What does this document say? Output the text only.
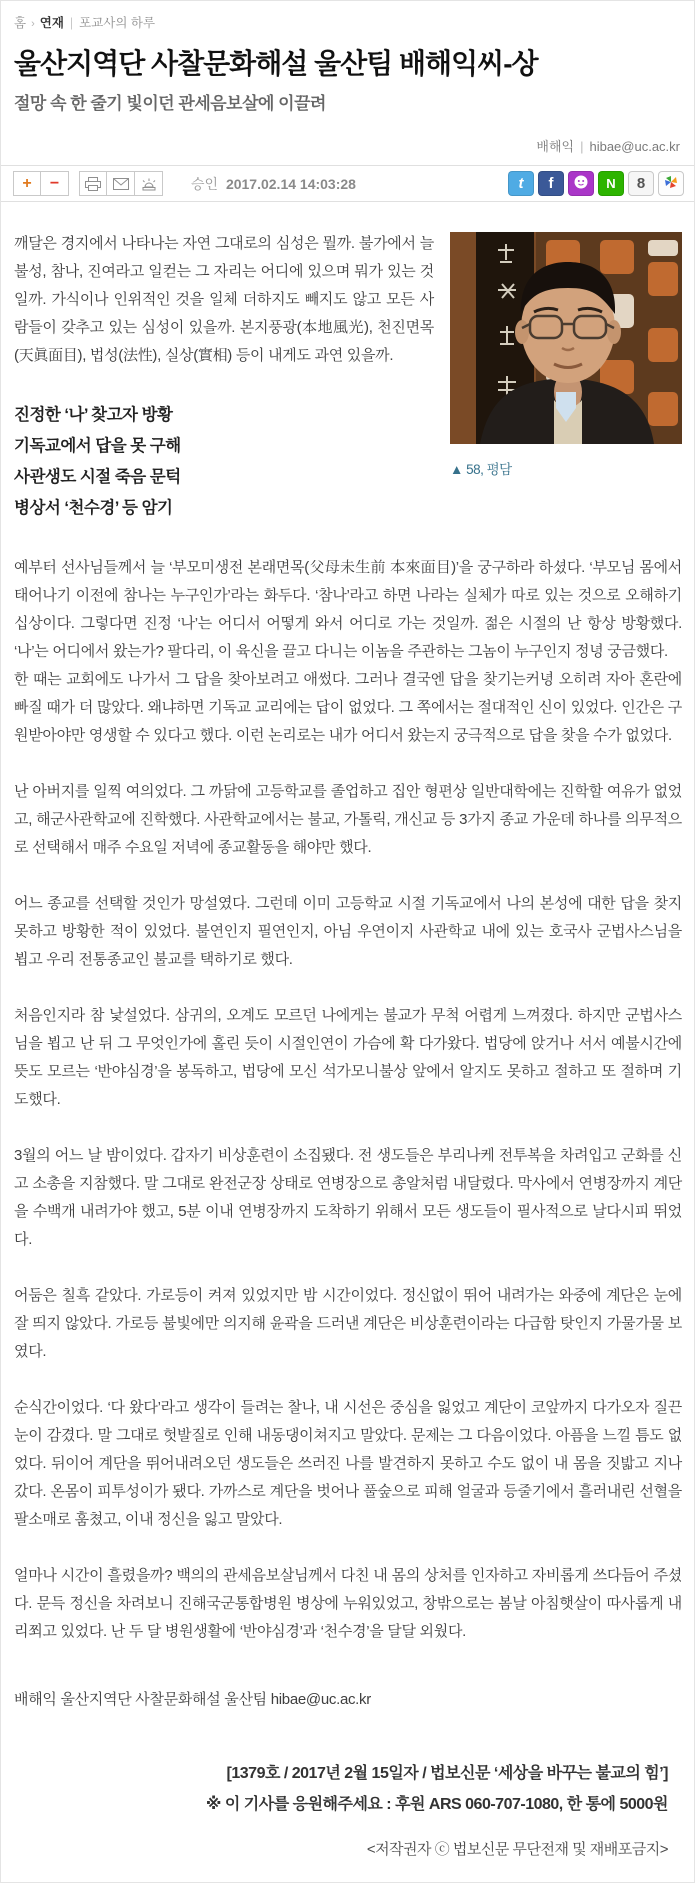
홈 › 연재 | 포교사의 하루
울산지역단 사찰문화해설 울산팀 배해익씨-상
절망 속 한 줄기 빛이던 관세음보살에 이끌려
배해익 | hibae@uc.ac.kr
+	−	승인 2017.02.14 14:03:28	t	f	N	8
▲ 58, 평담

깨달은 경지에서 나타나는 자연 그대로의 심성은 뭘까. 불가에서 늘 불성, 참나, 진여라고 일컫는 그 자리는 어디에 있으며 뭐가 있는 것일까. 가식이나 인위적인 것을 일체 더하지도 빼지도 않고 모든 사람들이 갖추고 있는 심성이 있을까. 본지풍광(本地風光), 천진면목(天眞面目), 법성(法性), 실상(實相) 등이 내게도 과연 있을까.

진정한 ‘나’ 찾고자 방황
기독교에서 답을 못 구해
사관생도 시절 죽음 문턱
병상서 ‘천수경’ 등 암기

예부터 선사님들께서 늘 ‘부모미생전 본래면목(父母未生前 本來面目)’을 궁구하라 하셨다. ‘부모님 몸에서 태어나기 이전에 참나는 누구인가’라는 화두다. ‘참나’라고 하면 나라는 실체가 따로 있는 것으로 오해하기 십상이다. 그렇다면 진정 ‘나’는 어디서 어떻게 와서 어디로 가는 것일까. 젊은 시절의 난 항상 방황했다. ‘나’는 어디에서 왔는가? 팔다리, 이 육신을 끌고 다니는 이놈을 주관하는 그놈이 누구인지 정녕 궁금했다.

한 때는 교회에도 나가서 그 답을 찾아보려고 애썼다. 그러나 결국엔 답을 찾기는커녕 오히려 자아 혼란에 빠질 때가 더 많았다. 왜냐하면 기독교 교리에는 답이 없었다. 그 쪽에서는 절대적인 신이 있었다. 인간은 구원받아야만 영생할 수 있다고 했다. 이런 논리로는 내가 어디서 왔는지 궁극적으로 답을 찾을 수가 없었다.

난 아버지를 일찍 여의었다. 그 까닭에 고등학교를 졸업하고 집안 형편상 일반대학에는 진학할 여유가 없었고, 해군사관학교에 진학했다. 사관학교에서는 불교, 가톨릭, 개신교 등 3가지 종교 가운데 하나를 의무적으로 선택해서 매주 수요일 저녁에 종교활동을 해야만 했다.

어느 종교를 선택할 것인가 망설였다. 그런데 이미 고등학교 시절 기독교에서 나의 본성에 대한 답을 찾지 못하고 방황한 적이 있었다. 불연인지 필연인지, 아님 우연이지 사관학교 내에 있는 호국사 군법사스님을 뵙고 우리 전통종교인 불교를 택하기로 했다.

처음인지라 참 낯설었다. 삼귀의, 오계도 모르던 나에게는 불교가 무척 어렵게 느껴졌다. 하지만 군법사스님을 뵙고 난 뒤 그 무엇인가에 홀린 듯이 시절인연이 가슴에 확 다가왔다. 법당에 앉거나 서서 예불시간에 뜻도 모르는 ‘반야심경’을 봉독하고, 법당에 모신 석가모니불상 앞에서 알지도 못하고 절하고 또 절하며 기도했다.

3월의 어느 날 밤이었다. 갑자기 비상훈련이 소집됐다. 전 생도들은 부리나케 전투복을 차려입고 군화를 신고 소총을 지참했다. 말 그대로 완전군장 상태로 연병장으로 총알처럼 내달렸다. 막사에서 연병장까지 계단을 수백개 내려가야 했고, 5분 이내 연병장까지 도착하기 위해서 모든 생도들이 필사적으로 날다시피 뛰었다.

어둠은 칠흑 같았다. 가로등이 켜져 있었지만 밤 시간이었다. 정신없이 뛰어 내려가는 와중에 계단은 눈에 잘 띄지 않았다. 가로등 불빛에만 의지해 윤곽을 드러낸 계단은 비상훈련이라는 다급함 탓인지 가물가물 보였다.

순식간이었다. ‘다 왔다’라고 생각이 들려는 찰나, 내 시선은 중심을 잃었고 계단이 코앞까지 다가오자 질끈 눈이 감겼다. 말 그대로 헛발질로 인해 내동댕이쳐지고 말았다. 문제는 그 다음이었다. 아픔을 느낄 틈도 없었다. 뒤이어 계단을 뛰어내려오던 생도들은 쓰러진 나를 발견하지 못하고 수도 없이 내 몸을 짓밟고 지나갔다. 온몸이 피투성이가 됐다. 가까스로 계단을 벗어나 풀숲으로 피해 얼굴과 등줄기에서 흘러내린 선혈을 팔소매로 훔쳤고, 이내 정신을 잃고 말았다.

얼마나 시간이 흘렸을까? 백의의 관세음보살님께서 다친 내 몸의 상처를 인자하고 자비롭게 쓰다듬어 주셨다. 문득 정신을 차려보니 진해국군통합병원 병상에 누워있었고, 창밖으로는 봄날 아침햇살이 따사롭게 내리쬐고 있었다. 난 두 달 병원생활에 ‘반야심경’과 ‘천수경’을 달달 외웠다.

배해익 울산지역단 사찰문화해설 울산팀 hibae@uc.ac.kr

[1379호 / 2017년 2월 15일자 / 법보신문 ‘세상을 바꾸는 불교의 힘’]
※ 이 기사를 응원해주세요 : 후원 ARS 060-707-1080, 한 통에 5000원
<저작권자 ⓒ 법보신문 무단전재 및 재배포금지>
